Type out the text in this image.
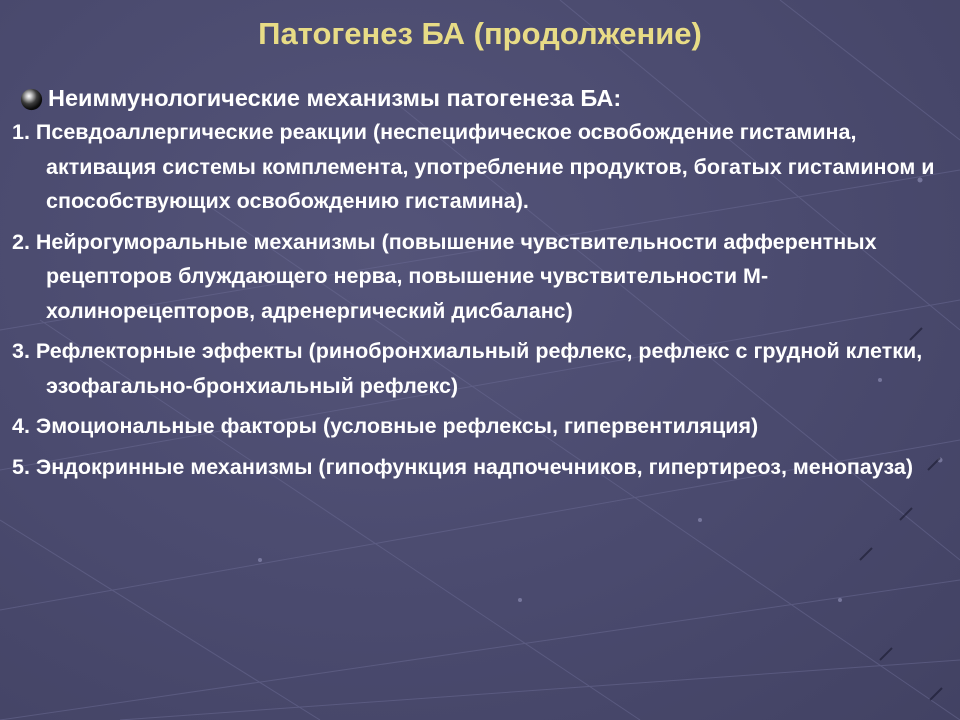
Патогенез БА (продолжение)
Неиммунологические механизмы патогенеза БА:
1. Псевдоаллергические реакции (неспецифическое освобождение гистамина, активация системы комплемента, употребление продуктов, богатых гистамином и способствующих освобождению гистамина).
2. Нейрогуморальные механизмы (повышение чувствительности афферентных рецепторов блуждающего нерва, повышение чувствительности М-холинорецепторов, адренергический дисбаланс)
3. Рефлекторные эффекты (ринобронхиальный рефлекс, рефлекс с грудной клетки, эзофагально-бронхиальный рефлекс)
4. Эмоциональные факторы (условные рефлексы, гипервентиляция)
5. Эндокринные механизмы (гипофункция надпочечников, гипертиреоз, менопауза)
